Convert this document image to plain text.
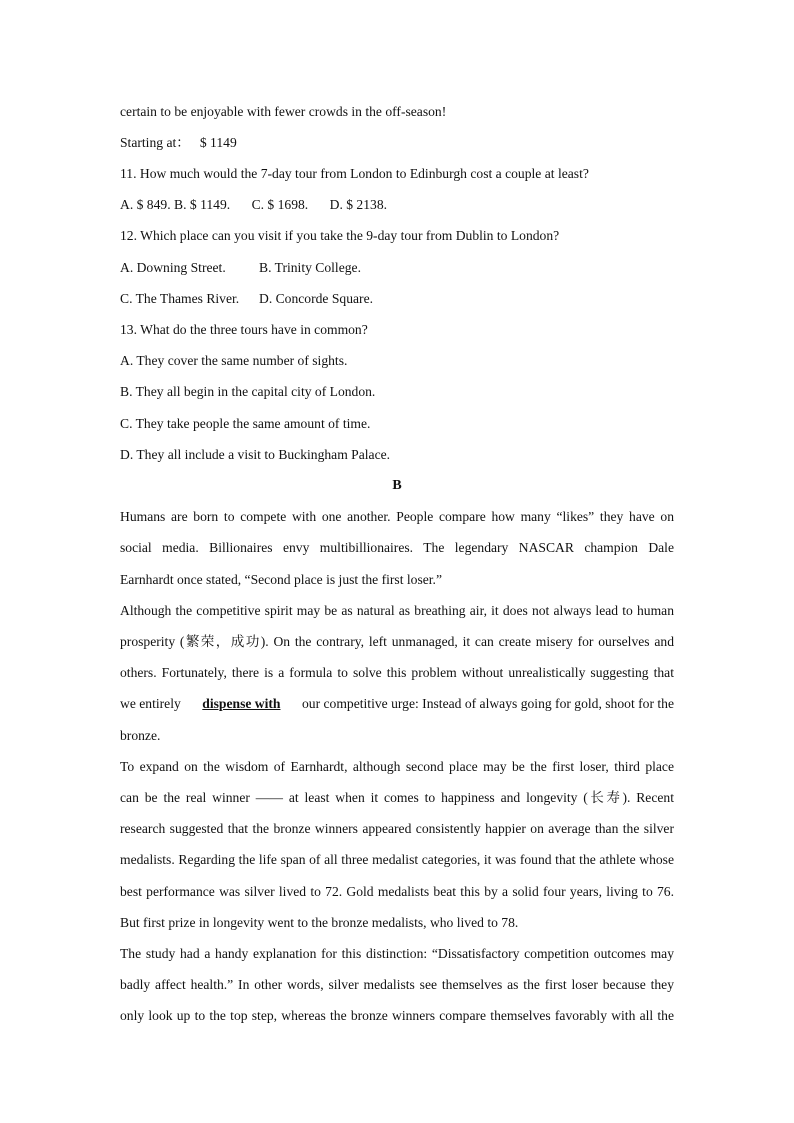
certain to be enjoyable with fewer crowds in the off-season!
Starting at： $ 1149
11. How much would the 7-day tour from London to Edinburgh cost a couple at least?
A. $ 849. B. $ 1149. C. $ 1698. D. $ 2138.
12. Which place can you visit if you take the 9-day tour from Dublin to London?
A. Downing Street. B. Trinity College.
C. The Thames River. D. Concorde Square.
13. What do the three tours have in common?
A. They cover the same number of sights.
B. They all begin in the capital city of London.
C. They take people the same amount of time.
D. They all include a visit to Buckingham Palace.
B
Humans are born to compete with one another. People compare how many “likes” they have on
social media. Billionaires envy multibillionaires. The legendary NASCAR champion Dale
Earnhardt once stated, “Second place is just the first loser.”
Although the competitive spirit may be as natural as breathing air, it does not always lead to human
prosperity (繁荣，成功). On the contrary, left unmanaged, it can create misery for ourselves and
others. Fortunately, there is a formula to solve this problem without unrealistically suggesting that
we entirely dispense with our competitive urge: Instead of always going for gold, shoot for the
bronze.
To expand on the wisdom of Earnhardt, although second place may be the first loser, third place
can be the real winner —— at least when it comes to happiness and longevity (长寿). Recent
research suggested that the bronze winners appeared consistently happier on average than the silver
medalists. Regarding the life span of all three medalist categories, it was found that the athlete whose
best performance was silver lived to 72. Gold medalists beat this by a solid four years, living to 76.
But first prize in longevity went to the bronze medalists, who lived to 78.
The study had a handy explanation for this distinction: “Dissatisfactory competition outcomes may
badly affect health.” In other words, silver medalists see themselves as the first loser because they
only look up to the top step, whereas the bronze winners compare themselves favorably with all the
